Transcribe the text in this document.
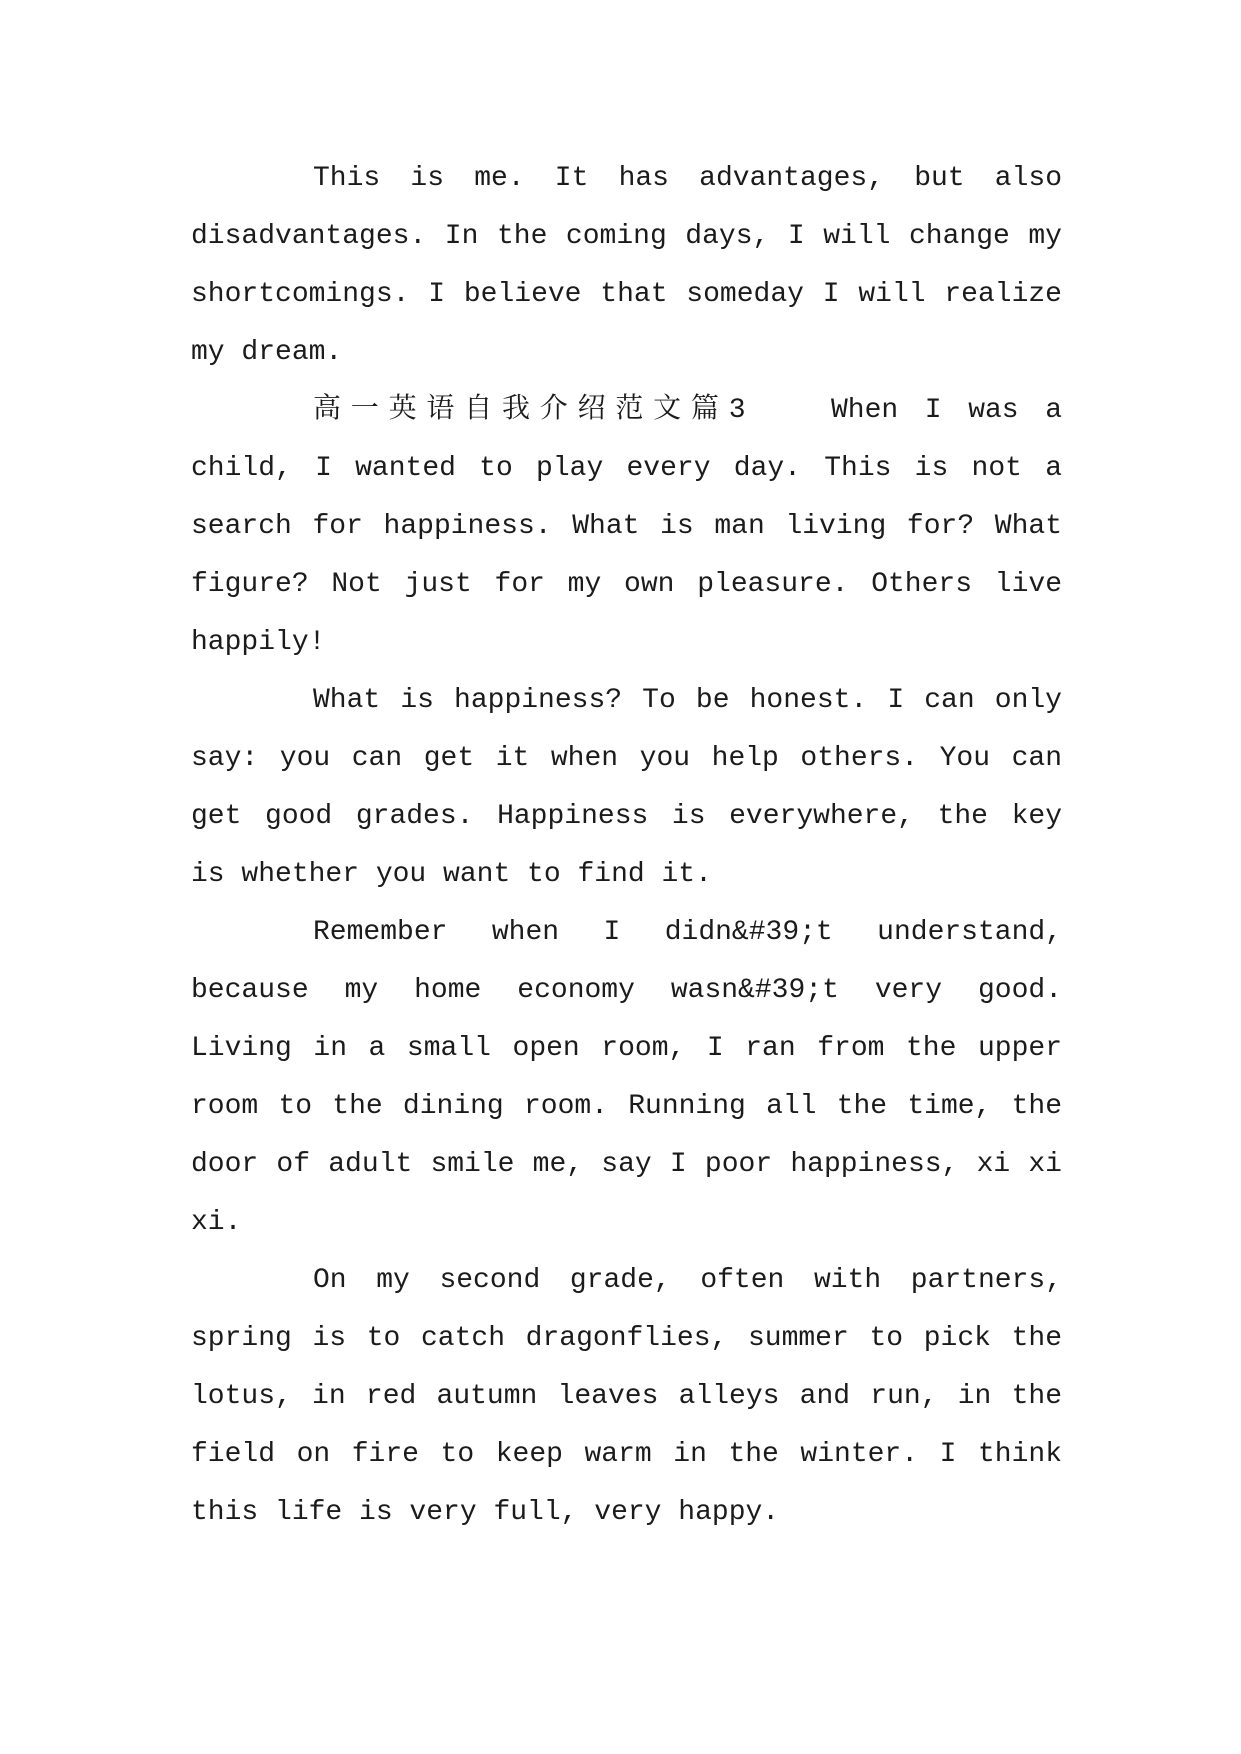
This is me. It has advantages, but also
disadvantages. In the coming days, I will change my
shortcomings. I believe that someday I will realize
my dream.
高一英语自我介绍范文篇3　　When I was a
child, I wanted to play every day. This is not a
search for happiness. What is man living for? What
figure? Not just for my own pleasure. Others live
happily!
What is happiness? To be honest. I can only
say: you can get it when you help others. You can
get good grades. Happiness is everywhere, the key
is whether you want to find it.
Remember when I didn&#39;t understand,
because my home economy wasn&#39;t very good.
Living in a small open room, I ran from the upper
room to the dining room. Running all the time, the
door of adult smile me, say I poor happiness, xi xi
xi.
On my second grade, often with partners,
spring is to catch dragonflies, summer to pick the
lotus, in red autumn leaves alleys and run, in the
field on fire to keep warm in the winter. I think
this life is very full, very happy.
